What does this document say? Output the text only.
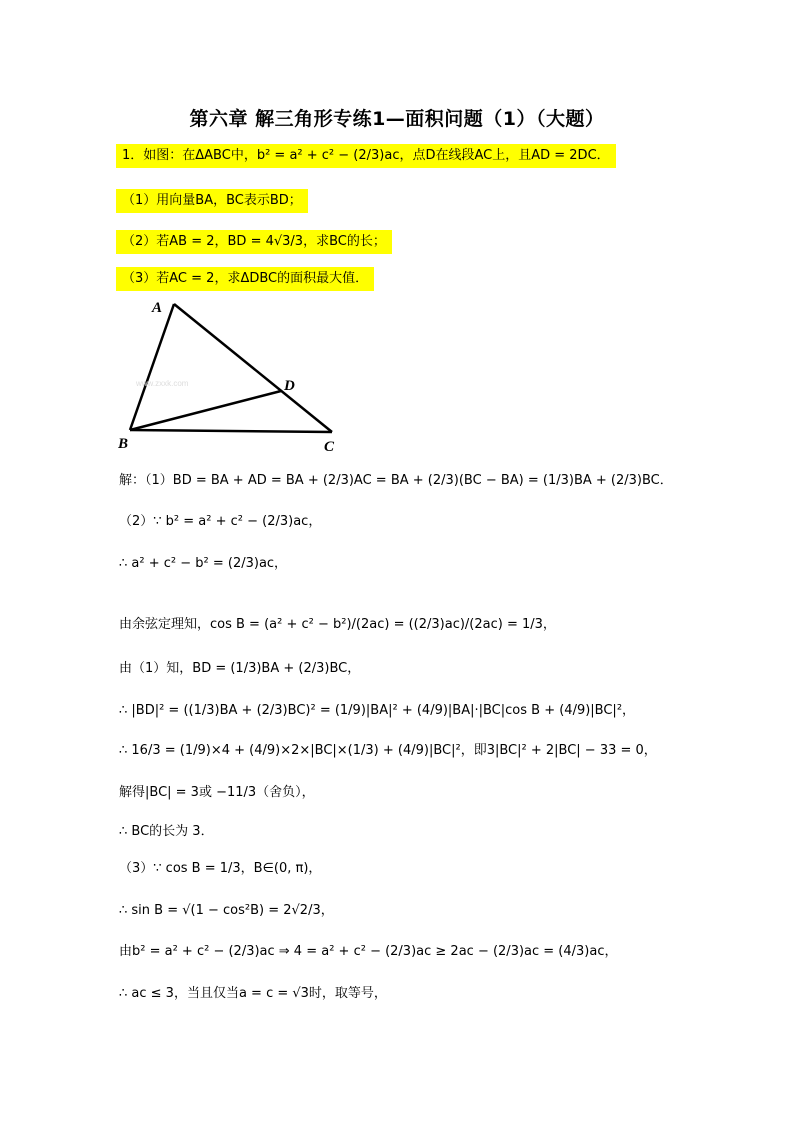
第六章 解三角形专练1—面积问题（1）（大题）
1．如图：在ΔABC中，b² = a² + c² − (2/3)ac，点D在线段AC上，且AD = 2DC．
（1）用向量BA，BC表示BD；
（2）若AB = 2，BD = 4√3/3，求BC的长；
（3）若AC = 2，求ΔDBC的面积最大值．
www.zxxk.com
A
B	C
D
解：（1）BD = BA + AD = BA + (2/3)AC = BA + (2/3)(BC − BA) = (1/3)BA + (2/3)BC．
（2）∵ b² = a² + c² − (2/3)ac，
∴ a² + c² − b² = (2/3)ac，
由余弦定理知，cos B = (a² + c² − b²)/(2ac) = ((2/3)ac)/(2ac) = 1/3，
由（1）知，BD = (1/3)BA + (2/3)BC，
∴ |BD|² = ((1/3)BA + (2/3)BC)² = (1/9)|BA|² + (4/9)|BA|·|BC|cos B + (4/9)|BC|²，
∴ 16/3 = (1/9)×4 + (4/9)×2×|BC|×(1/3) + (4/9)|BC|²，即3|BC|² + 2|BC| − 33 = 0，
解得|BC| = 3或 −11/3（舍负），
∴ BC的长为 3．
（3）∵ cos B = 1/3，B∈(0, π)，
∴ sin B = √(1 − cos²B) = 2√2/3，
由b² = a² + c² − (2/3)ac ⇒ 4 = a² + c² − (2/3)ac ≥ 2ac − (2/3)ac = (4/3)ac，
∴ ac ≤ 3，当且仅当a = c = √3时，取等号，
